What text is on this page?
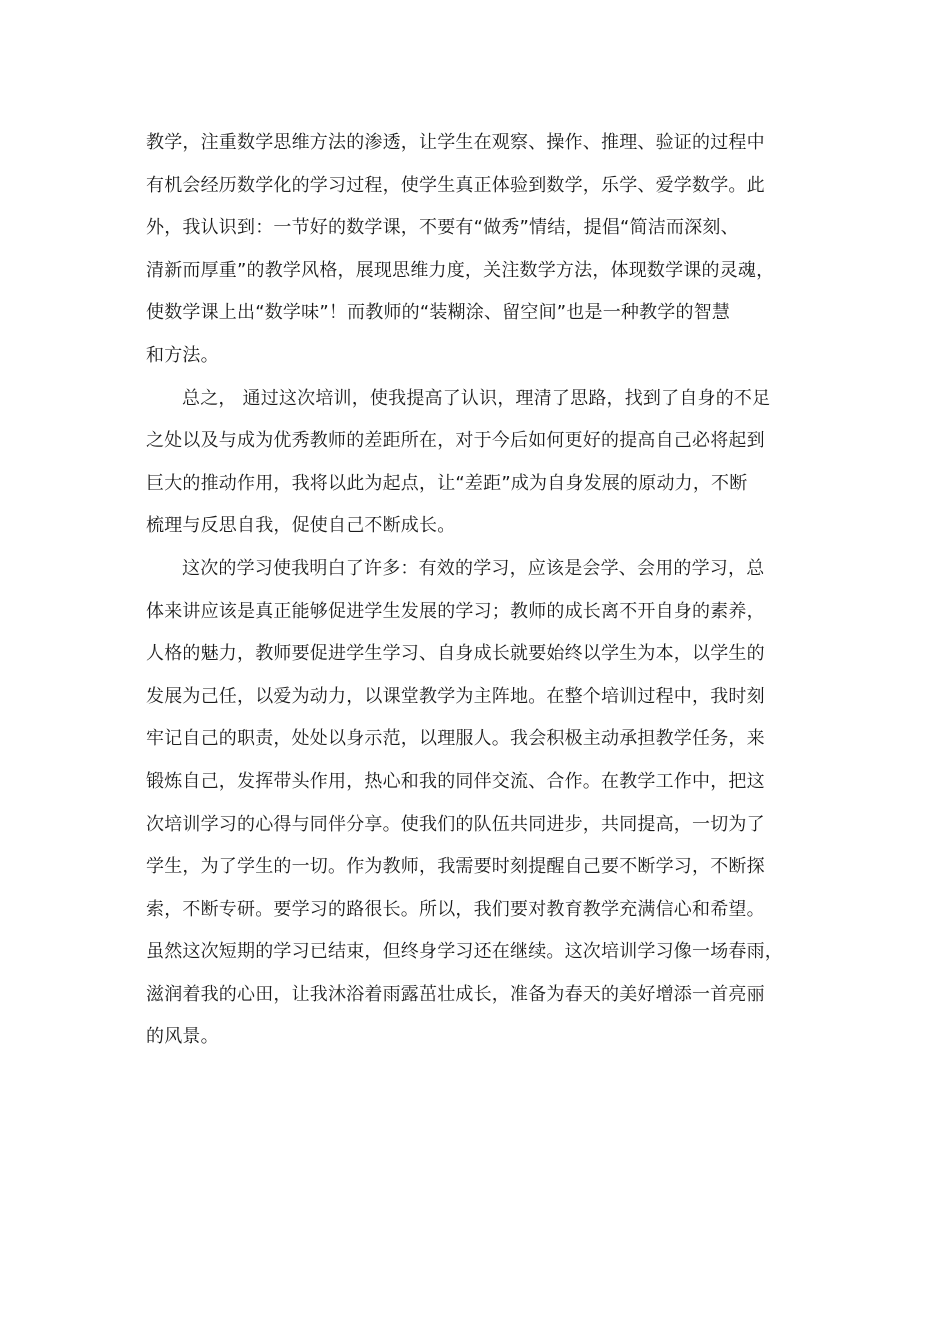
教学，注重数学思维方法的渗透，让学生在观察、操作、推理、验证的过程中
有机会经历数学化的学习过程，使学生真正体验到数学，乐学、爱学数学。此
外，我认识到：一节好的数学课，不要有“做秀”情结，提倡“简洁而深刻、
清新而厚重”的教学风格，展现思维力度，关注数学方法，体现数学课的灵魂，
使数学课上出“数学味”！而教师的“装糊涂、留空间”也是一种教学的智慧
和方法。
总之， 通过这次培训，使我提高了认识，理清了思路，找到了自身的不足
之处以及与成为优秀教师的差距所在，对于今后如何更好的提高自己必将起到
巨大的推动作用，我将以此为起点，让“差距”成为自身发展的原动力，不断
梳理与反思自我，促使自己不断成长。
这次的学习使我明白了许多：有效的学习，应该是会学、会用的学习，总
体来讲应该是真正能够促进学生发展的学习；教师的成长离不开自身的素养，
人格的魅力，教师要促进学生学习、自身成长就要始终以学生为本，以学生的
发展为己任，以爱为动力，以课堂教学为主阵地。在整个培训过程中，我时刻
牢记自己的职责，处处以身示范，以理服人。我会积极主动承担教学任务，来
锻炼自己，发挥带头作用，热心和我的同伴交流、合作。在教学工作中，把这
次培训学习的心得与同伴分享。使我们的队伍共同进步，共同提高，一切为了
学生，为了学生的一切。作为教师，我需要时刻提醒自己要不断学习，不断探
索，不断专研。要学习的路很长。所以，我们要对教育教学充满信心和希望。
虽然这次短期的学习已结束，但终身学习还在继续。这次培训学习像一场春雨，
滋润着我的心田，让我沐浴着雨露茁壮成长，准备为春天的美好增添一首亮丽
的风景。
